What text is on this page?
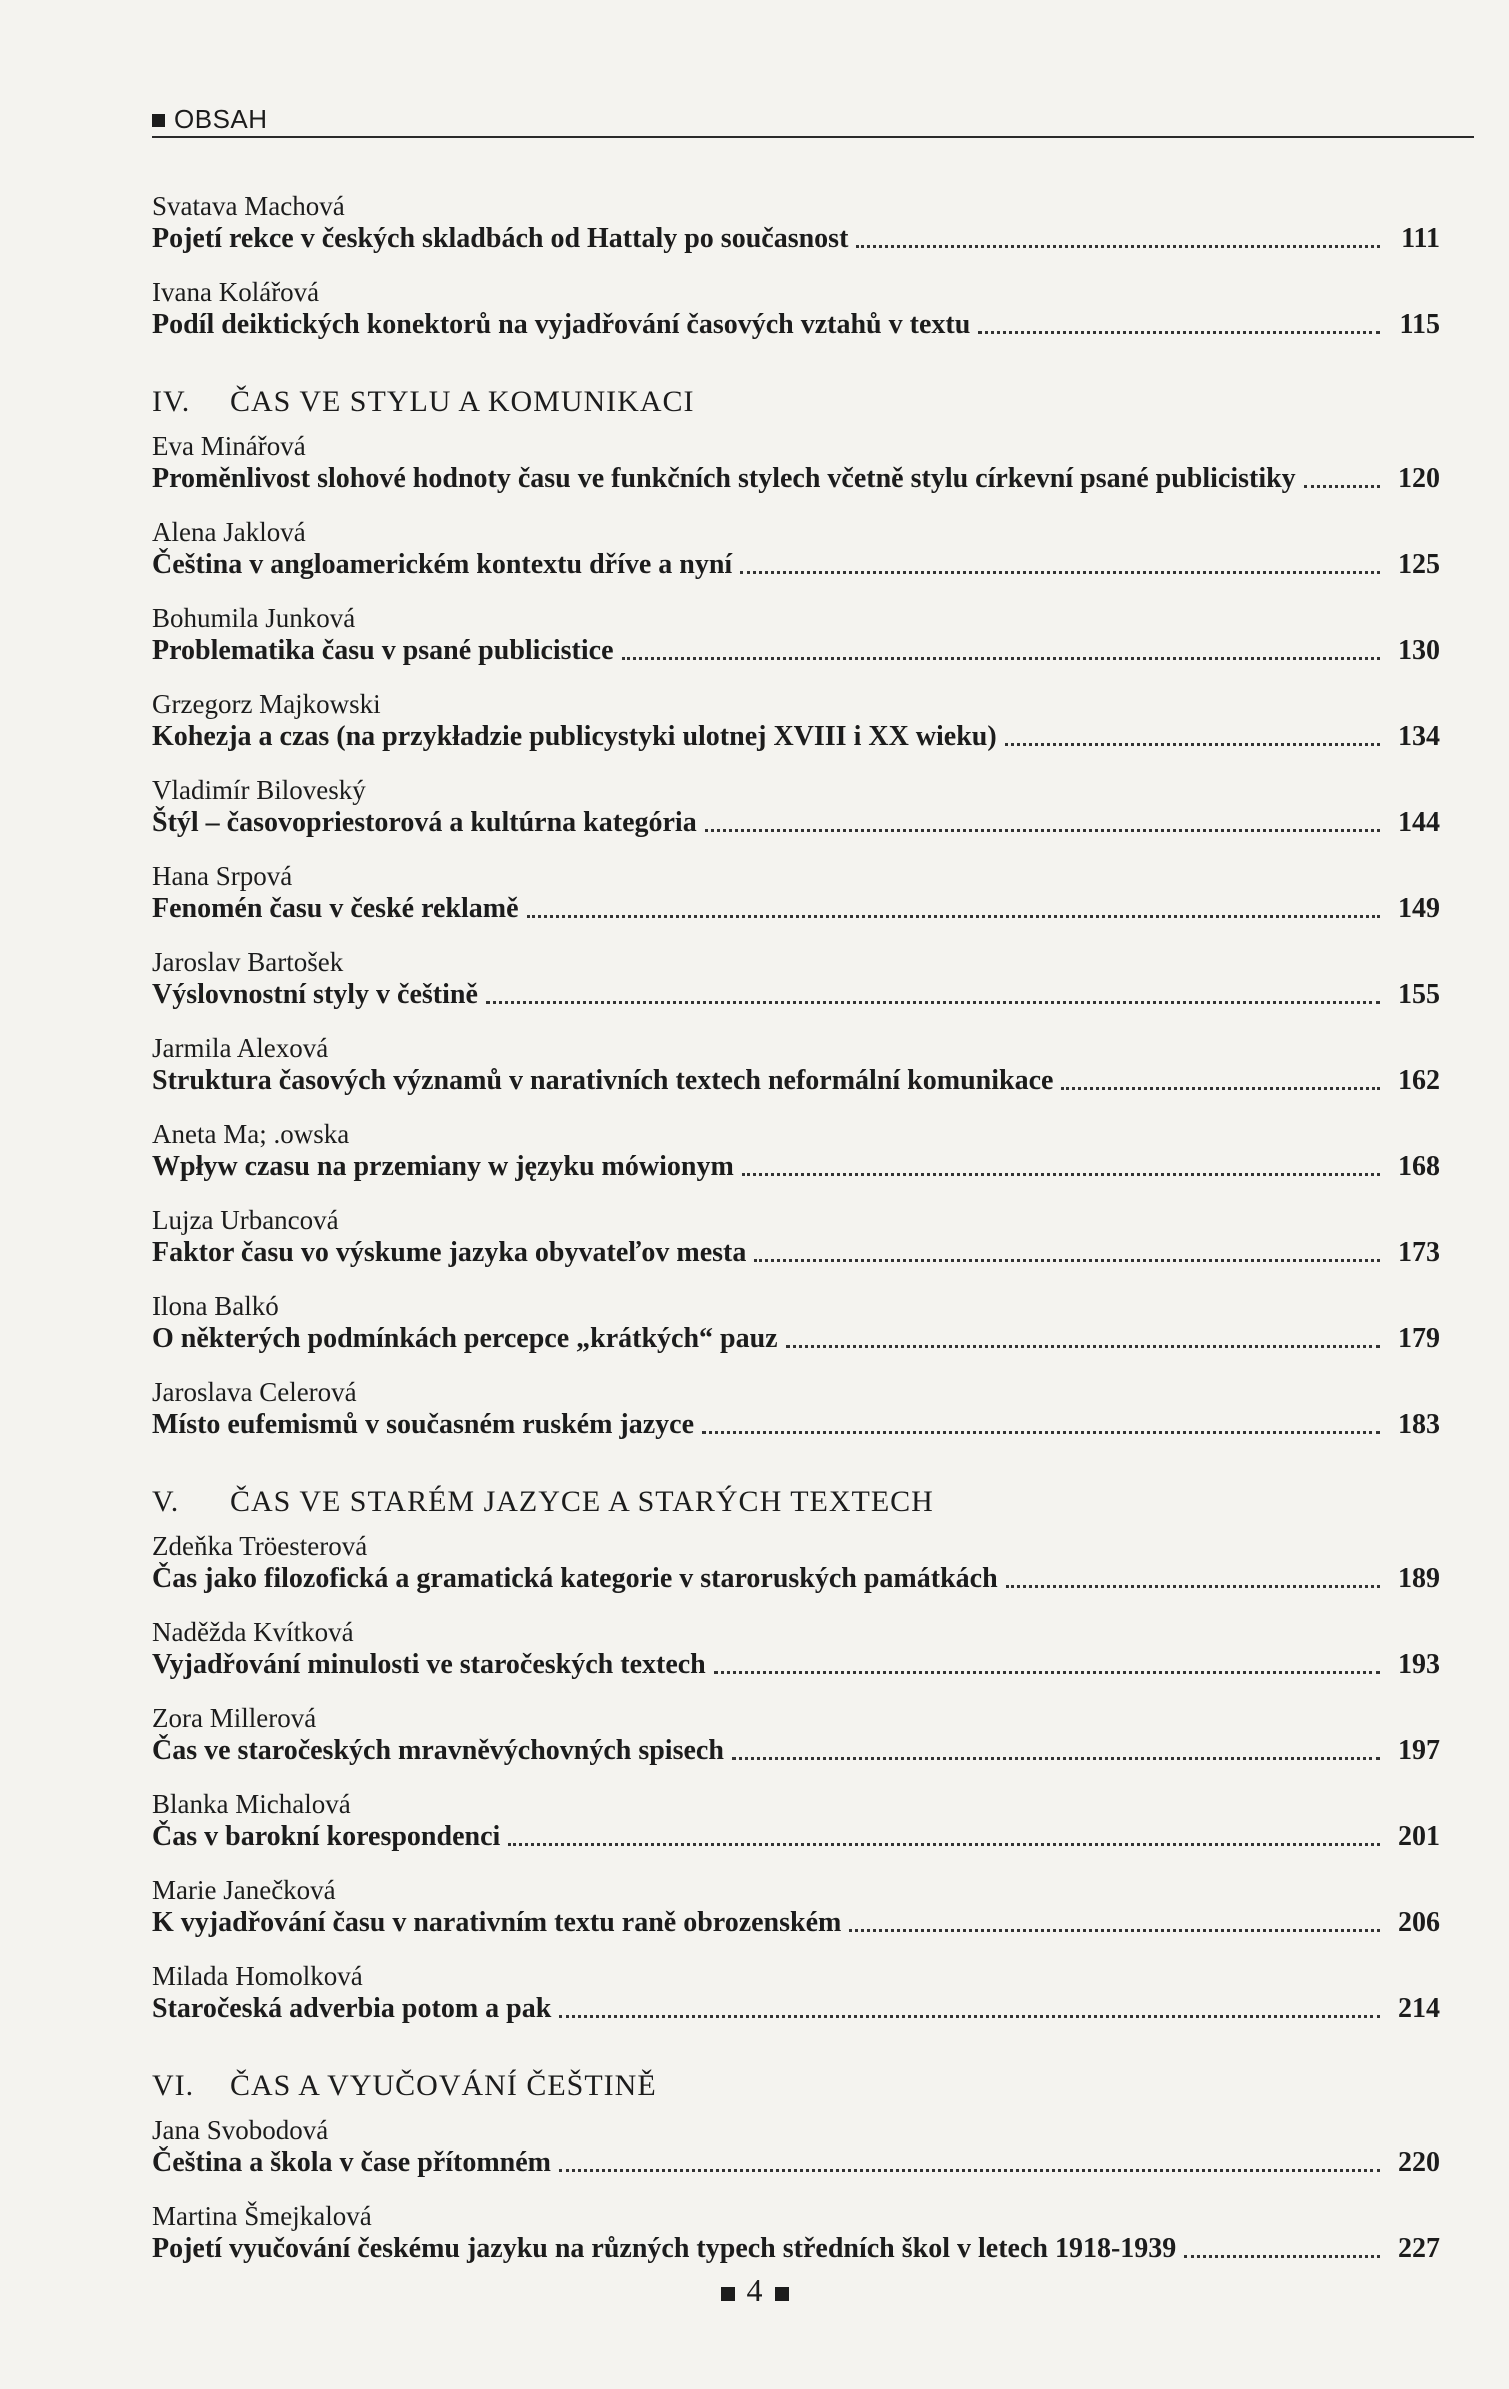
OBSAH
Svatava Machová
Pojetí rekce v českých skladbách od Hattaly po současnost	111
Ivana Kolářová
Podíl deiktických konektorů na vyjadřování časových vztahů v textu	115
IV. ČAS VE STYLU A KOMUNIKACI
Eva Minářová
Proměnlivost slohové hodnoty času ve funkčních stylech včetně stylu církevní psané publicistiky	120
Alena Jaklová
Čeština v angloamerickém kontextu dříve a nyní	125
Bohumila Junková
Problematika času v psané publicistice	130
Grzegorz Majkowski
Kohezja a czas (na przykładzie publicystyki ulotnej XVIII i XX wieku)	134
Vladimír Biloveský
Štýl – časovopriestorová a kultúrna kategória	144
Hana Srpová
Fenomén času v české reklamě	149
Jaroslav Bartošek
Výslovnostní styly v češtině	155
Jarmila Alexová
Struktura časových významů v narativních textech neformální komunikace	162
Aneta Ma; .owska
Wpływ czasu na przemiany w języku mówionym	168
Lujza Urbancová
Faktor času vo výskume jazyka obyvateľov mesta	173
Ilona Balkó
O některých podmínkách percepce „krátkých“ pauz	179
Jaroslava Celerová
Místo eufemismů v současném ruském jazyce	183
V. ČAS VE STARÉM JAZYCE A STARÝCH TEXTECH
Zdeňka Tröesterová
Čas jako filozofická a gramatická kategorie v staroruských památkách	189
Naděžda Kvítková
Vyjadřování minulosti ve staročeských textech	193
Zora Millerová
Čas ve staročeských mravněvýchovných spisech	197
Blanka Michalová
Čas v barokní korespondenci	201
Marie Janečková
K vyjadřování času v narativním textu raně obrozenském	206
Milada Homolková
Staročeská adverbia potom a pak	214
VI. ČAS A VYUČOVÁNÍ ČEŠTINĚ
Jana Svobodová
Čeština a škola v čase přítomném	220
Martina Šmejkalová
Pojetí vyučování českému jazyku na různých typech středních škol v letech 1918-1939	227
4
